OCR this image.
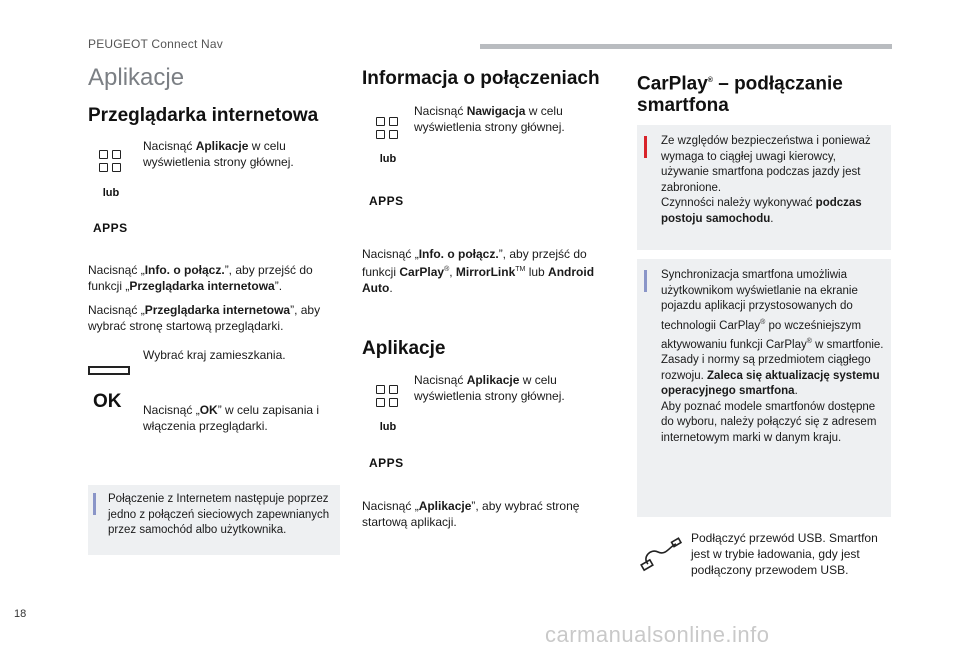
PEUGEOT Connect Nav
18
Aplikacje
Przeglądarka internetowa
Nacisnąć Aplikacje w celu wyświetlenia strony głównej.
lub
APPS
Nacisnąć „Info. o połącz.”, aby przejść do funkcji „Przeglądarka internetowa”.
Nacisnąć „Przeglądarka internetowa”, aby wybrać stronę startową przeglądarki.
Wybrać kraj zamieszkania.
OK Nacisnąć „OK” w celu zapisania i włączenia przeglądarki.
Połączenie z Internetem następuje poprzez jedno z połączeń sieciowych zapewnianych przez samochód albo użytkownika.
Informacja o połączeniach
Nacisnąć Nawigacja w celu wyświetlenia strony głównej.
lub
APPS
Nacisnąć „Info. o połącz.”, aby przejść do funkcji CarPlay®, MirrorLink™ lub Android Auto.
Aplikacje
Nacisnąć Aplikacje w celu wyświetlenia strony głównej.
lub
APPS
Nacisnąć „Aplikacje”, aby wybrać stronę startową aplikacji.
CarPlay® – podłączanie
smartfona
Ze względów bezpieczeństwa i ponieważ wymaga to ciągłej uwagi kierowcy, używanie smartfona podczas jazdy jest zabronione.
Czynności należy wykonywać podczas postoju samochodu.
Synchronizacja smartfona umożliwia użytkownikom wyświetlanie na ekranie pojazdu aplikacji przystosowanych do technologii CarPlay® po wcześniejszym aktywowaniu funkcji CarPlay® w smartfonie.
Zasady i normy są przedmiotem ciągłego rozwoju. Zaleca się aktualizację systemu operacyjnego smartfona.
Aby poznać modele smartfonów dostępne do wyboru, należy połączyć się z adresem internetowym marki w danym kraju.
Podłączyć przewód USB. Smartfon jest w trybie ładowania, gdy jest podłączony przewodem USB.
carmanualsonline.info
